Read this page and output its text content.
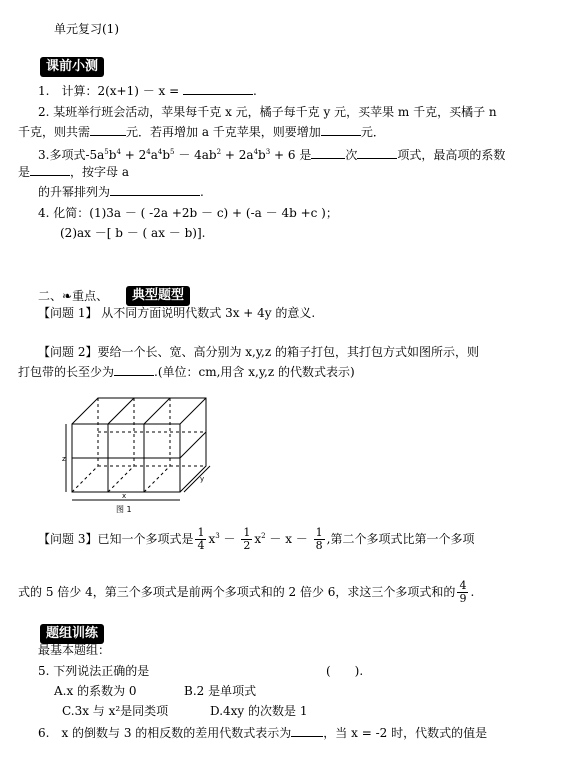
单元复习(1)
课前小测
1.　计算：2(x+1) － x =	.
2. 某班举行班会活动，苹果每千克 x 元，橘子每千克 y 元，买苹果 m 千克，买橘子 n
千克，则共需	元．若再增加 a 千克苹果，则要增加	元．
3.多项式$-5a^5b^4 + 2^4a^4b^5 - 4ab^2 + 2a^4b^3 + 6$ 是	次	项式，最高项的系数
是	，按字母 a
的升幂排列为	.
4. 化简：(1)3a － ( -2a +2b － c) + (-a － 4b +c )；
(2)ax －[ b － ( ax － b)].
二、❧重点、	典型题型
【问题 1】 从不同方面说明代数式 3x + 4y 的意义.
【问题 2】要给一个长、宽、高分别为 x,y,z 的箱子打包，其打包方式如图所示，则
打包带的长至少为	.(单位：cm,用含 x,y,z 的代数式表示)
z
x
y
图 1
【问题 3】已知一个多项式是 $\frac{1}{4} x^3 - \frac{1}{2} x^2 - x - \frac{1}{8}$ ,第二个多项式比第一个多项
式的 5 倍少 4，第三个多项式是前两个多项式和的 2 倍少 6，求这三个多项式和的 $\frac{4}{9}$ .
题组训练
最基本题组：
5. 下列说法正确的是	(　　).
A.x 的系数为 0	B.2 是单项式
C.3x 与 x²是同类项	D.4xy 的次数是 1
6.　x 的倒数与 3 的相反数的差用代数式表示为	，当 x = -2 时，代数式的值是
